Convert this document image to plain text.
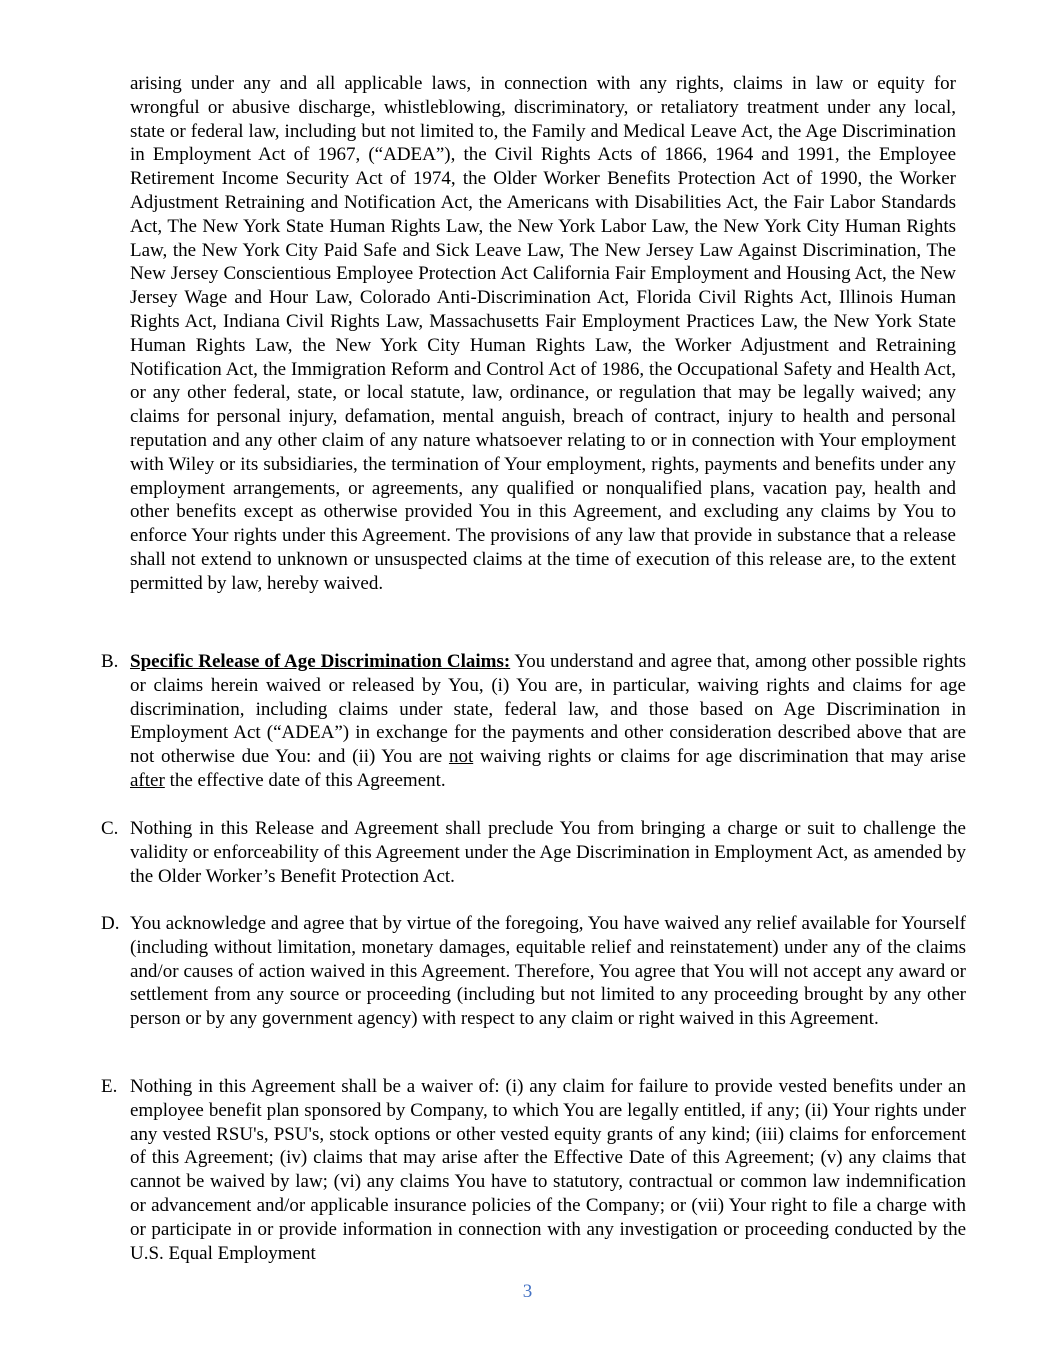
arising under any and all applicable laws, in connection with any rights, claims in law or equity for wrongful or abusive discharge, whistleblowing, discriminatory, or retaliatory treatment under any local, state or federal law, including but not limited to, the Family and Medical Leave Act, the Age Discrimination in Employment Act of 1967, (“ADEA”), the Civil Rights Acts of 1866, 1964 and 1991, the Employee Retirement Income Security Act of 1974, the Older Worker Benefits Protection Act of 1990, the Worker Adjustment Retraining and Notification Act, the Americans with Disabilities Act, the Fair Labor Standards Act, The New York State Human Rights Law, the New York Labor Law, the New York City Human Rights Law, the New York City Paid Safe and Sick Leave Law, The New Jersey Law Against Discrimination, The New Jersey Conscientious Employee Protection Act California Fair Employment and Housing Act, the New Jersey Wage and Hour Law, Colorado Anti-Discrimination Act, Florida Civil Rights Act, Illinois Human Rights Act, Indiana Civil Rights Law, Massachusetts Fair Employment Practices Law, the New York State Human Rights Law, the New York City Human Rights Law, the Worker Adjustment and Retraining Notification Act, the Immigration Reform and Control Act of 1986, the Occupational Safety and Health Act, or any other federal, state, or local statute, law, ordinance, or regulation that may be legally waived; any claims for personal injury, defamation, mental anguish, breach of contract, injury to health and personal reputation and any other claim of any nature whatsoever relating to or in connection with Your employment with Wiley or its subsidiaries, the termination of Your employment, rights, payments and benefits under any employment arrangements, or agreements, any qualified or nonqualified plans, vacation pay, health and other benefits except as otherwise provided You in this Agreement, and excluding any claims by You to enforce Your rights under this Agreement. The provisions of any law that provide in substance that a release shall not extend to unknown or unsuspected claims at the time of execution of this release are, to the extent permitted by law, hereby waived.

B. Specific Release of Age Discrimination Claims: You understand and agree that, among other possible rights or claims herein waived or released by You, (i) You are, in particular, waiving rights and claims for age discrimination, including claims under state, federal law, and those based on Age Discrimination in Employment Act (“ADEA”) in exchange for the payments and other consideration described above that are not otherwise due You: and (ii) You are not waiving rights or claims for age discrimination that may arise after the effective date of this Agreement.

C. Nothing in this Release and Agreement shall preclude You from bringing a charge or suit to challenge the validity or enforceability of this Agreement under the Age Discrimination in Employment Act, as amended by the Older Worker’s Benefit Protection Act.

D. You acknowledge and agree that by virtue of the foregoing, You have waived any relief available for Yourself (including without limitation, monetary damages, equitable relief and reinstatement) under any of the claims and/or causes of action waived in this Agreement. Therefore, You agree that You will not accept any award or settlement from any source or proceeding (including but not limited to any proceeding brought by any other person or by any government agency) with respect to any claim or right waived in this Agreement.

E. Nothing in this Agreement shall be a waiver of: (i) any claim for failure to provide vested benefits under an employee benefit plan sponsored by Company, to which You are legally entitled, if any; (ii) Your rights under any vested RSU's, PSU's, stock options or other vested equity grants of any kind; (iii) claims for enforcement of this Agreement; (iv) claims that may arise after the Effective Date of this Agreement; (v) any claims that cannot be waived by law; (vi) any claims You have to statutory, contractual or common law indemnification or advancement and/or applicable insurance policies of the Company; or (vii) Your right to file a charge with or participate in or provide information in connection with any investigation or proceeding conducted by the U.S. Equal Employment

3
